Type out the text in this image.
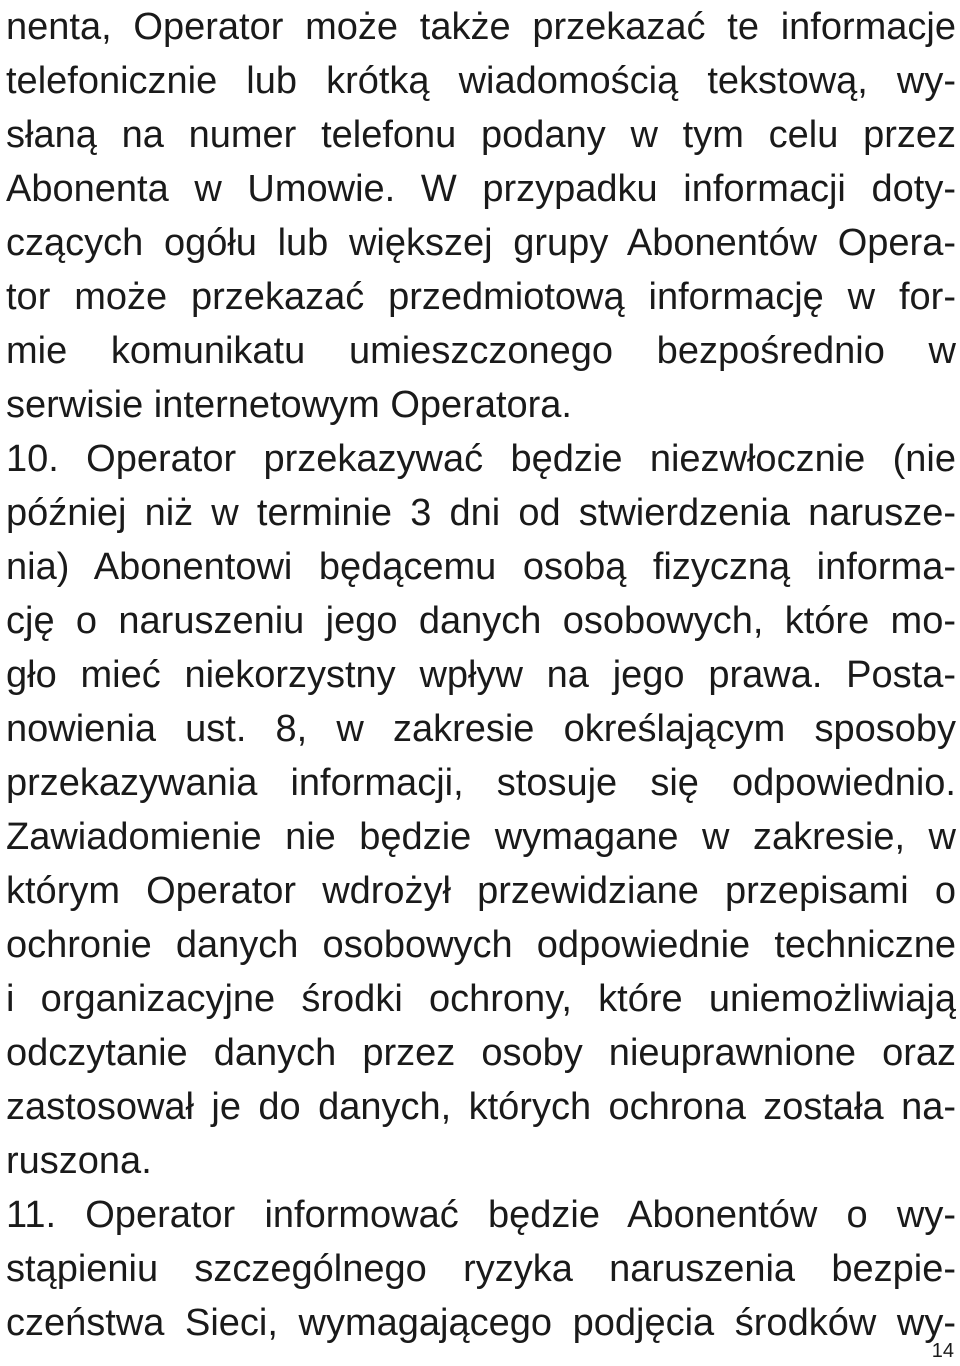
nenta, Operator może także przekazać te informacje
telefonicznie lub krótką wiadomością tekstową, wy-
słaną na numer telefonu podany w tym celu przez
Abonenta w Umowie. W przypadku informacji doty-
czących ogółu lub większej grupy Abonentów Opera-
tor może przekazać przedmiotową informację w for-
mie komunikatu umieszczonego bezpośrednio w
serwisie internetowym Operatora.
10. Operator przekazywać będzie niezwłocznie (nie
później niż w terminie 3 dni od stwierdzenia narusze-
nia) Abonentowi będącemu osobą fizyczną informa-
cję o naruszeniu jego danych osobowych, które mo-
gło mieć niekorzystny wpływ na jego prawa. Posta-
nowienia ust. 8, w zakresie określającym sposoby
przekazywania informacji, stosuje się odpowiednio.
Zawiadomienie nie będzie wymagane w zakresie, w
którym Operator wdrożył przewidziane przepisami o
ochronie danych osobowych odpowiednie techniczne
i organizacyjne środki ochrony, które uniemożliwiają
odczytanie danych przez osoby nieuprawnione oraz
zastosował je do danych, których ochrona została na-
ruszona.
11. Operator informować będzie Abonentów o wy-
stąpieniu szczególnego ryzyka naruszenia bezpie-
czeństwa Sieci, wymagającego podjęcia środków wy-
14
